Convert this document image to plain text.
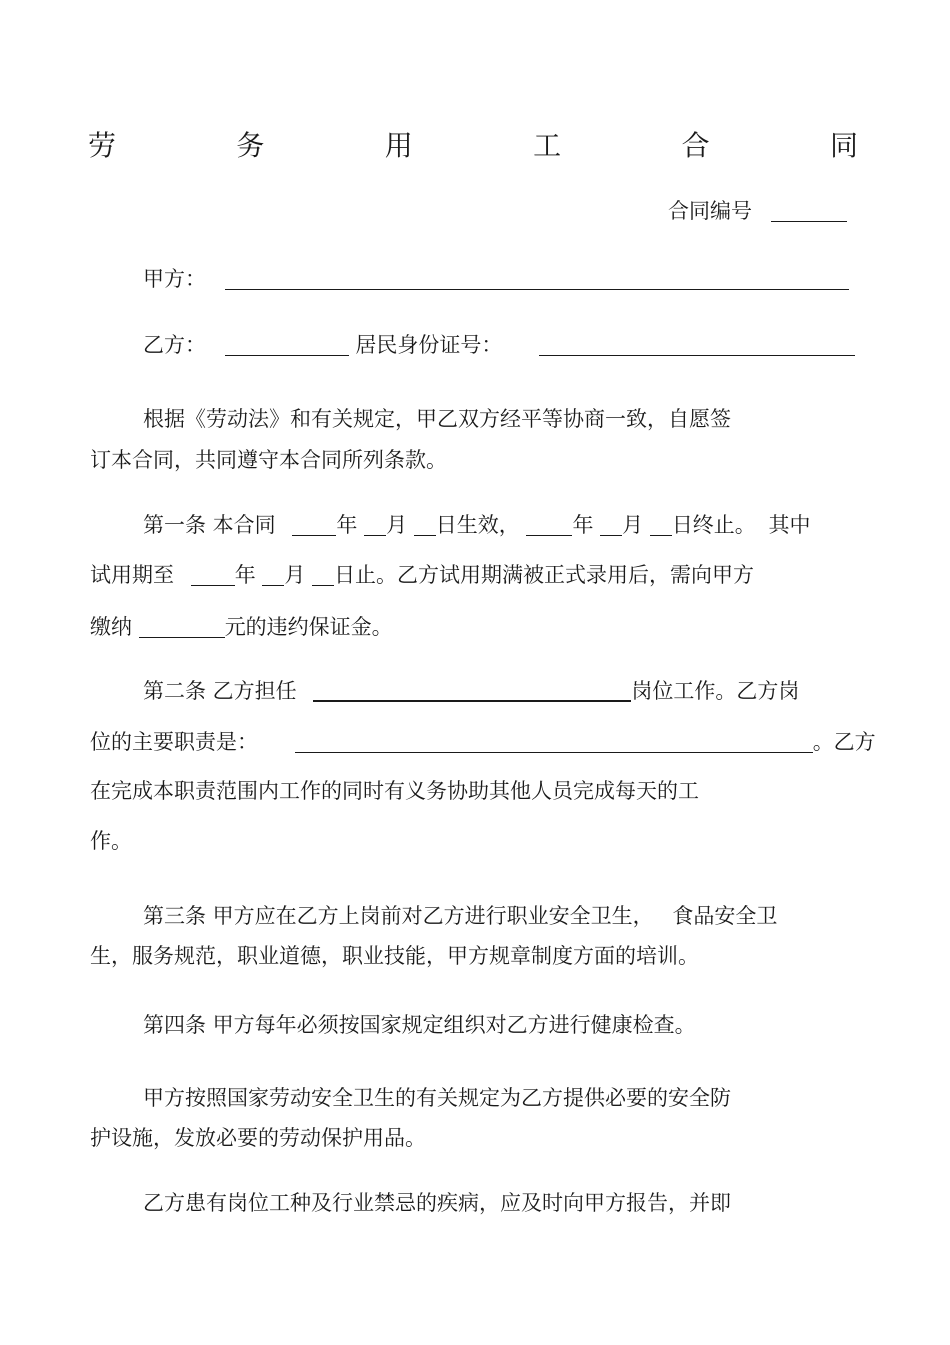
劳	务	用	工	合	同
合同编号
甲方：
乙方：	居民身份证号：
根据《劳动法》和有关规定，甲乙双方经平等协商一致，自愿签
订本合同，共同遵守本合同所列条款。
第一条 本合同	年 月 日生效，	年 月 日终止。 其中
试用期至	年 月 日止。乙方试用期满被正式录用后，需向甲方
缴纳	元的违约保证金。
第二条 乙方担任	岗位工作。乙方岗
位的主要职责是：	。乙方
在完成本职责范围内工作的同时有义务协助其他人员完成每天的工
作。
第三条 甲方应在乙方上岗前对乙方进行职业安全卫生， 食品安全卫
生，服务规范，职业道德，职业技能，甲方规章制度方面的培训。
第四条 甲方每年必须按国家规定组织对乙方进行健康检查。
甲方按照国家劳动安全卫生的有关规定为乙方提供必要的安全防
护设施，发放必要的劳动保护用品。
乙方患有岗位工种及行业禁忌的疾病，应及时向甲方报告，并即
